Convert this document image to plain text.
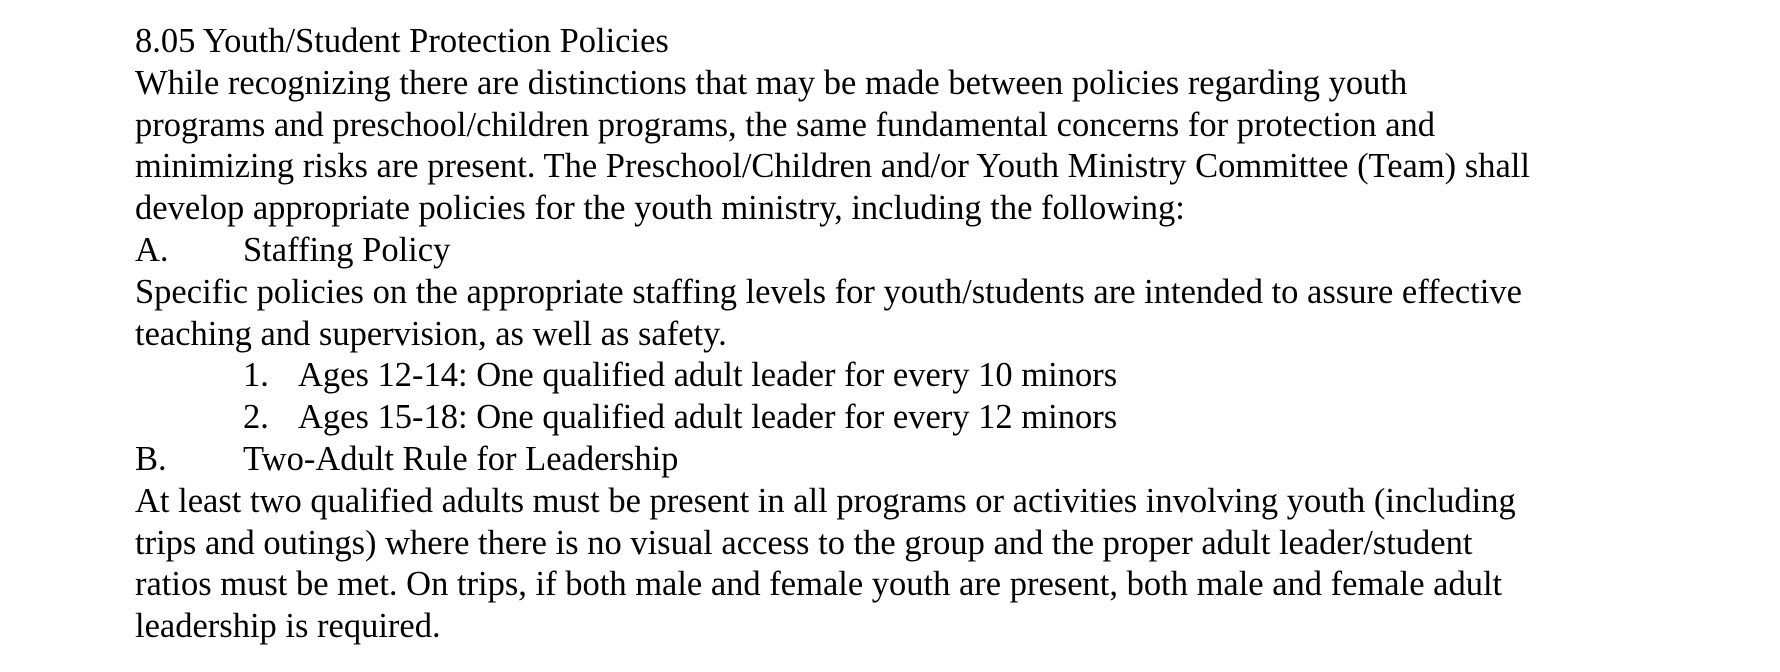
8.05 Youth/Student Protection Policies
While recognizing there are distinctions that may be made between policies regarding youth
programs and preschool/children programs, the same fundamental concerns for protection and
minimizing risks are present. The Preschool/Children and/or Youth Ministry Committee (Team) shall
develop appropriate policies for the youth ministry, including the following:
A. Staffing Policy
Specific policies on the appropriate staffing levels for youth/students are intended to assure effective
teaching and supervision, as well as safety.
1. Ages 12-14: One qualified adult leader for every 10 minors
2. Ages 15-18: One qualified adult leader for every 12 minors
B. Two-Adult Rule for Leadership
At least two qualified adults must be present in all programs or activities involving youth (including
trips and outings) where there is no visual access to the group and the proper adult leader/student
ratios must be met. On trips, if both male and female youth are present, both male and female adult
leadership is required.
